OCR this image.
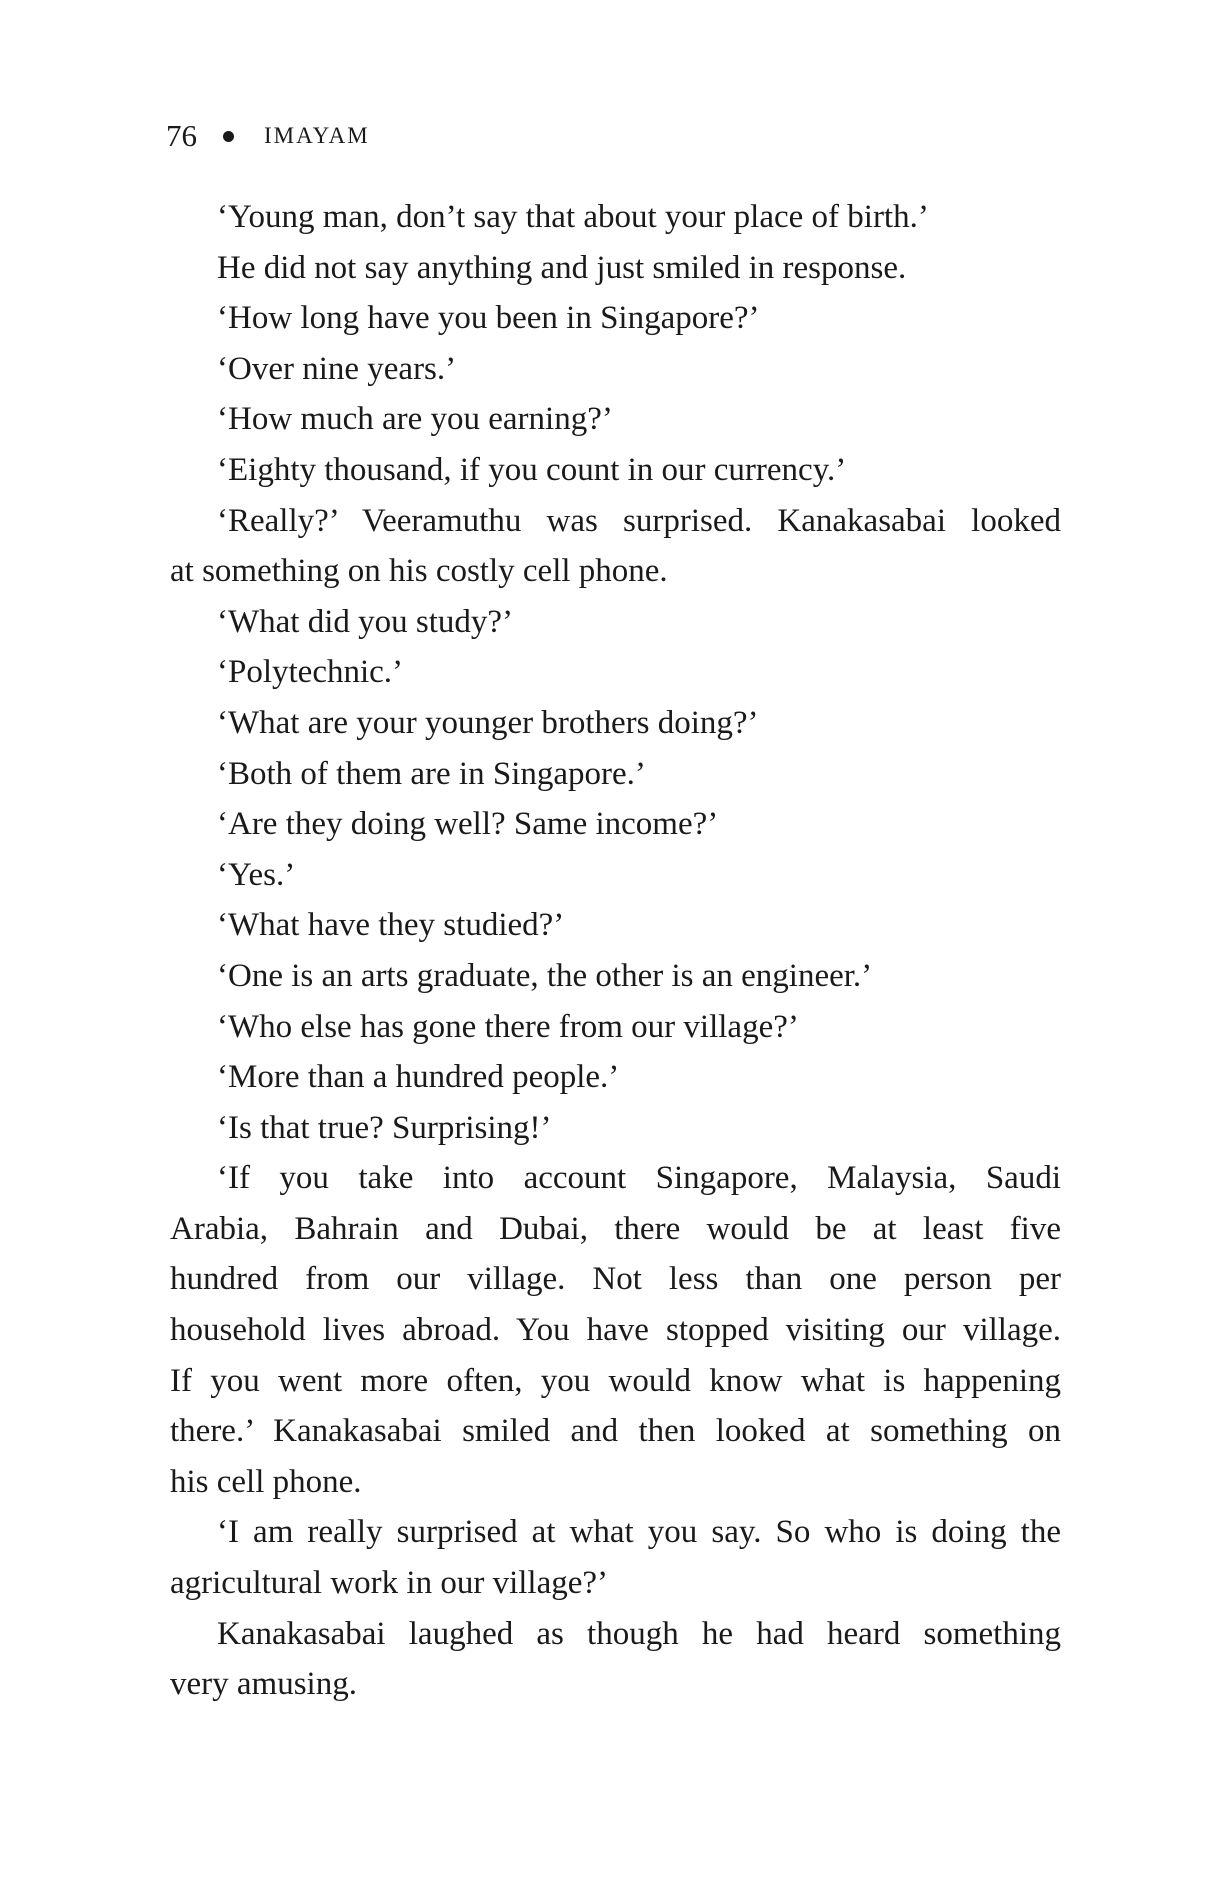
76	IMAYAM
‘Young man, don’t say that about your place of birth.’
He did not say anything and just smiled in response.
‘How long have you been in Singapore?’
‘Over nine years.’
‘How much are you earning?’
‘Eighty thousand, if you count in our currency.’
‘Really?’ Veeramuthu was surprised. Kanakasabai looked
at something on his costly cell phone.
‘What did you study?’
‘Polytechnic.’
‘What are your younger brothers doing?’
‘Both of them are in Singapore.’
‘Are they doing well? Same income?’
‘Yes.’
‘What have they studied?’
‘One is an arts graduate, the other is an engineer.’
‘Who else has gone there from our village?’
‘More than a hundred people.’
‘Is that true? Surprising!’
‘If you take into account Singapore, Malaysia, Saudi
Arabia, Bahrain and Dubai, there would be at least five
hundred from our village. Not less than one person per
household lives abroad. You have stopped visiting our village.
If you went more often, you would know what is happening
there.’ Kanakasabai smiled and then looked at something on
his cell phone.
‘I am really surprised at what you say. So who is doing the
agricultural work in our village?’
Kanakasabai laughed as though he had heard something
very amusing.
